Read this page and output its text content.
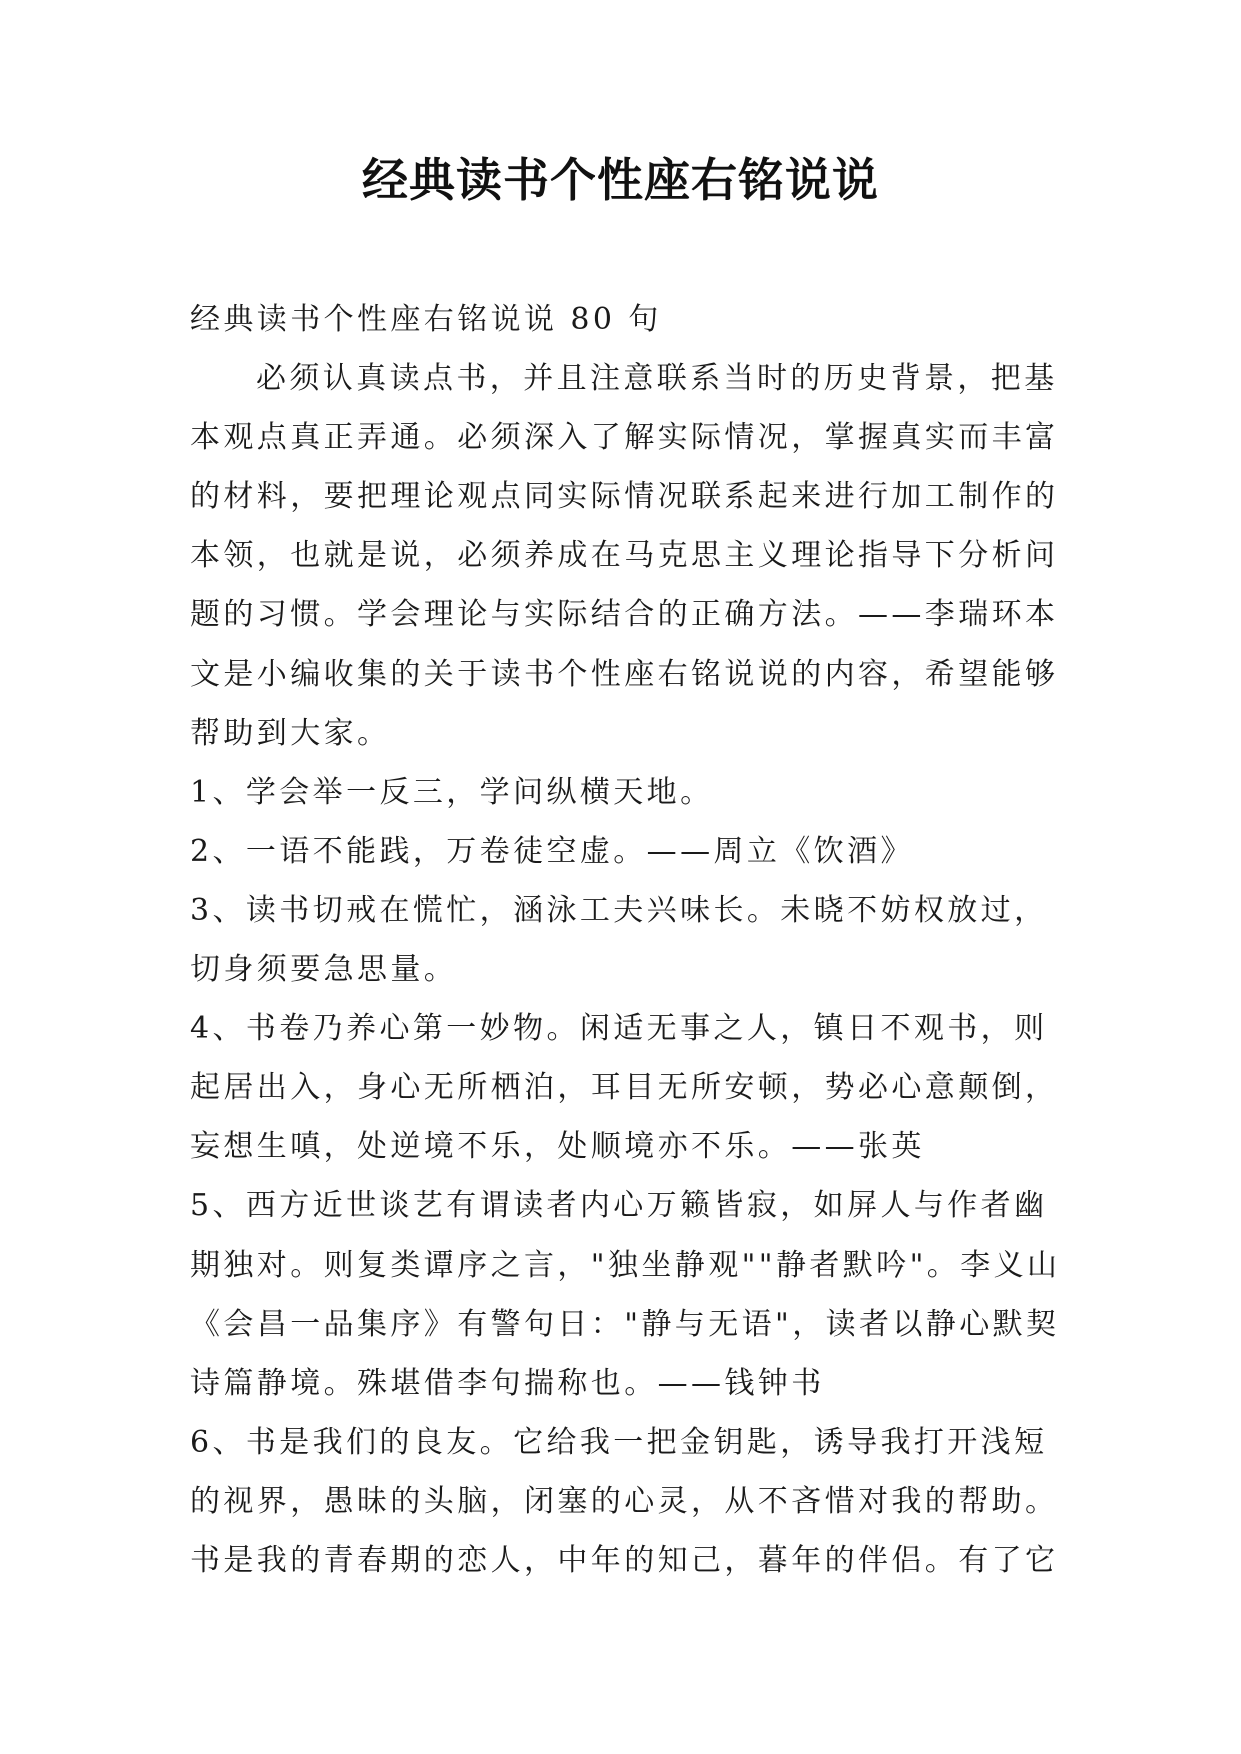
经典读书个性座右铭说说
经典读书个性座右铭说说 80 句
必须认真读点书，并且注意联系当时的历史背景，把基
本观点真正弄通。必须深入了解实际情况，掌握真实而丰富
的材料，要把理论观点同实际情况联系起来进行加工制作的
本领，也就是说，必须养成在马克思主义理论指导下分析问
题的习惯。学会理论与实际结合的正确方法。——李瑞环本
文是小编收集的关于读书个性座右铭说说的内容，希望能够
帮助到大家。
1、学会举一反三，学问纵横天地。
2、一语不能践，万卷徒空虚。——周立《饮酒》
3、读书切戒在慌忙，涵泳工夫兴味长。未晓不妨权放过，
切身须要急思量。
4、书卷乃养心第一妙物。闲适无事之人，镇日不观书，则
起居出入，身心无所栖泊，耳目无所安顿，势必心意颠倒，
妄想生嗔，处逆境不乐，处顺境亦不乐。——张英
5、西方近世谈艺有谓读者内心万籁皆寂，如屏人与作者幽
期独对。则复类谭序之言，"独坐静观""静者默吟"。李义山
《会昌一品集序》有警句日："静与无语"，读者以静心默契
诗篇静境。殊堪借李句揣称也。——钱钟书
6、书是我们的良友。它给我一把金钥匙，诱导我打开浅短
的视界，愚昧的头脑，闭塞的心灵，从不吝惜对我的帮助。
书是我的青春期的恋人，中年的知己，暮年的伴侣。有了它
